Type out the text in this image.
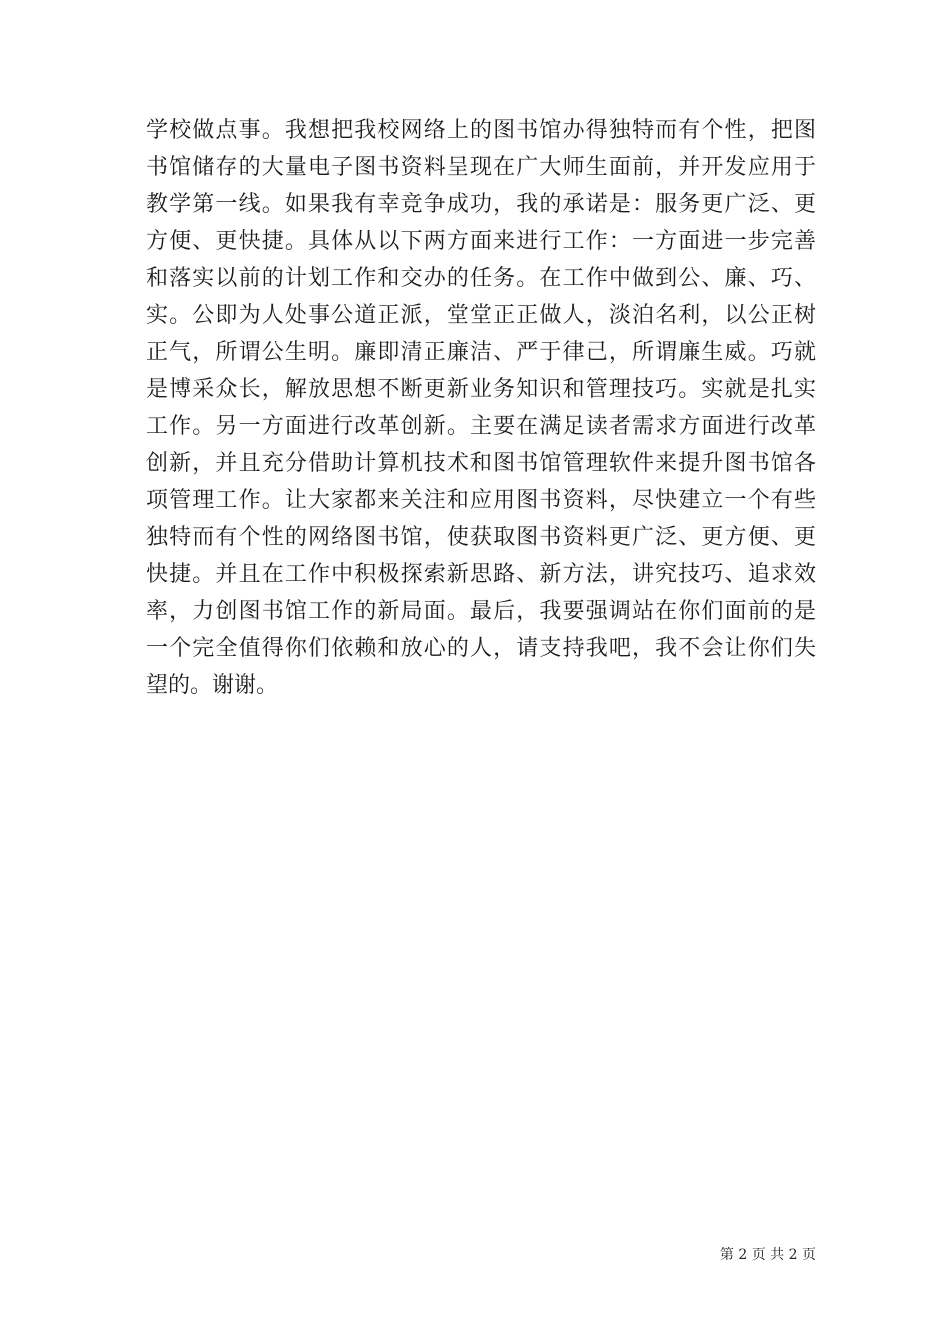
学校做点事。我想把我校网络上的图书馆办得独特而有个性，把图
书馆储存的大量电子图书资料呈现在广大师生面前，并开发应用于
教学第一线。如果我有幸竞争成功，我的承诺是：服务更广泛、更
方便、更快捷。具体从以下两方面来进行工作：一方面进一步完善
和落实以前的计划工作和交办的任务。在工作中做到公、廉、巧、
实。公即为人处事公道正派，堂堂正正做人，淡泊名利，以公正树
正气，所谓公生明。廉即清正廉洁、严于律己，所谓廉生威。巧就
是博采众长，解放思想不断更新业务知识和管理技巧。实就是扎实
工作。另一方面进行改革创新。主要在满足读者需求方面进行改革
创新，并且充分借助计算机技术和图书馆管理软件来提升图书馆各
项管理工作。让大家都来关注和应用图书资料，尽快建立一个有些
独特而有个性的网络图书馆，使获取图书资料更广泛、更方便、更
快捷。并且在工作中积极探索新思路、新方法，讲究技巧、追求效
率，力创图书馆工作的新局面。最后，我要强调站在你们面前的是
一个完全值得你们依赖和放心的人，请支持我吧，我不会让你们失
望的。谢谢。
第 2 页 共 2 页
